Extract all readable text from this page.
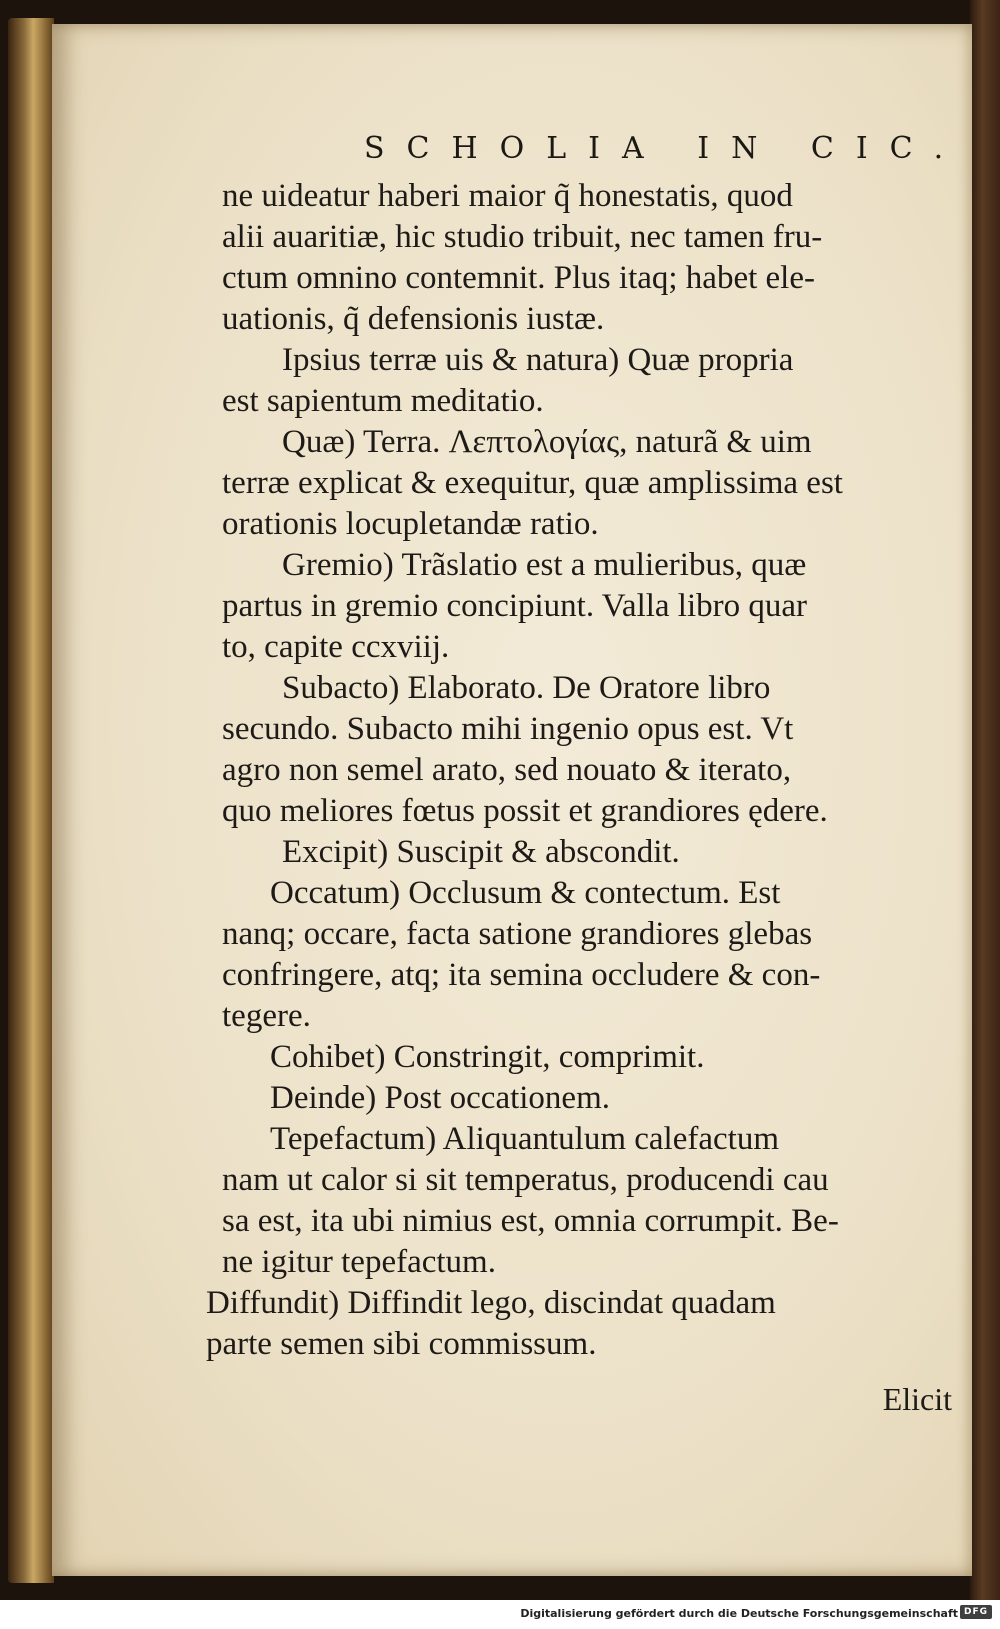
SCHOLIA IN CIC.
ne uideatur haberi maior q̃ honestatis, quod
alii auaritiæ, hic studio tribuit, nec tamen fru-
ctum omnino contemnit. Plus itaq; habet ele-
uationis, q̃ defensionis iustæ.
Ipsius terræ uis & natura) Quæ propria
est sapientum meditatio.
Quæ) Terra. Λεπτολογίας, naturã & uim
terræ explicat & exequitur, quæ amplissima est
orationis locupletandæ ratio.
Gremio) Trãslatio est a mulieribus, quæ
partus in gremio concipiunt. Valla libro quar
to, capite ccxviij.
Subacto) Elaborato. De Oratore libro
secundo. Subacto mihi ingenio opus est. Vt
agro non semel arato, sed nouato & iterato,
quo meliores fœtus possit et grandiores ędere.
Excipit) Suscipit & abscondit.
Occatum) Occlusum & contectum. Est
nanq; occare, facta satione grandiores glebas
confringere, atq; ita semina occludere & con-
tegere.
Cohibet) Constringit, comprimit.
Deinde) Post occationem.
Tepefactum) Aliquantulum calefactum
nam ut calor si sit temperatus, producendi cau
sa est, ita ubi nimius est, omnia corrumpit. Be-
ne igitur tepefactum.
Diffundit) Diffindit lego, discindat quadam
parte semen sibi commissum.
Elicit
Digitalisierung gefördert durch die Deutsche Forschungsgemeinschaft DFG
